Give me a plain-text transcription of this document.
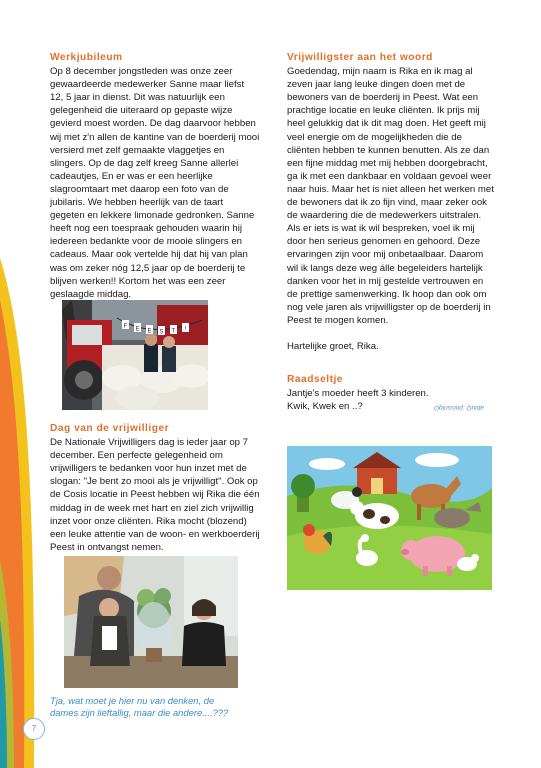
Werkjubileum

Op 8 december jongstleden was onze zeer gewaardeerde medewerker Sanne maar liefst 12, 5 jaar in dienst. Dit was natuurlijk een gelegenheid die uiteraard op gepaste wijze gevierd moest worden. De dag daarvoor hebben wij met z'n allen de kantine van de boerderij mooi versierd met zelf gemaakte vlaggetjes en slingers. Op de dag zelf kreeg Sanne allerlei cadeautjes, En er was er een heerlijke slagroomtaart met daarop een foto van de jubilaris. We hebben heerlijk van de taart gegeten en lekkere limonade gedronken. Sanne heeft nog een toespraak gehouden waarin hij iedereen bedankte voor de mooie slingers en cadeaus. Maar ook vertelde hij dat hij van plan was om zeker nóg 12,5 jaar op de boerderij te blijven werken!! Kortom het was een zeer geslaagde middag.

F E E S T !
Dag van de vrijwilliger

De Nationale Vrijwilligers dag is ieder jaar op 7 december. Een perfecte gelegenheid om vrijwilligers te bedanken voor hun inzet met de slogan: "Je bent zo mooi als je vrijwilligt". Ook op de Cosis locatie in Peest hebben wij Rika die één middag in de week met hart en ziel zich vrijwillig inzet voor onze cliënten. Rika mocht (blozend) een leuke attentie van de woon- en werkboerderij Peest in ontvangst nemen.

Tja, wat moet je hier nu van denken, de dames zijn lieftallig, maar die andere....???
Vrijwilligster aan het woord

Goedendag, mijn naam is Rika en ik mag al zeven jaar lang leuke dingen doen met de bewoners van de boerderij in Peest. Wat een prachtige locatie en leuke cliënten. Ik prijs mij heel gelukkig dat ik dit mag doen. Het geeft mij veel energie om de mogelijkheden die de cliënten hebben te kunnen benutten. Als ze dan een fijne middag met mij hebben doorgebracht, ga ik met een dankbaar en voldaan gevoel weer naar huis. Maar het is niet alleen het werken met de bewoners dat ik zo fijn vind, maar zeker ook de waardering die de medewerkers uitstralen. Als er iets is wat ik wil bespreken, voel ik mij door hen serieus genomen en gehoord. Deze ervaringen zijn voor mij onbetaalbaar. Daarom wil ik langs deze weg álle begeleiders hartelijk danken voor het in mij gestelde vertrouwen en de prettige samenwerking. Ik hoop dan ook om nog vele jaren als vrijwilligster op de boerderij in Peest te mogen komen.

Hartelijke groet, Rika.

Raadseltje

Jantje's moeder heeft 3 kinderen.

Kwik, Kwek en ..?	abiuQ :pnissolqO
7
